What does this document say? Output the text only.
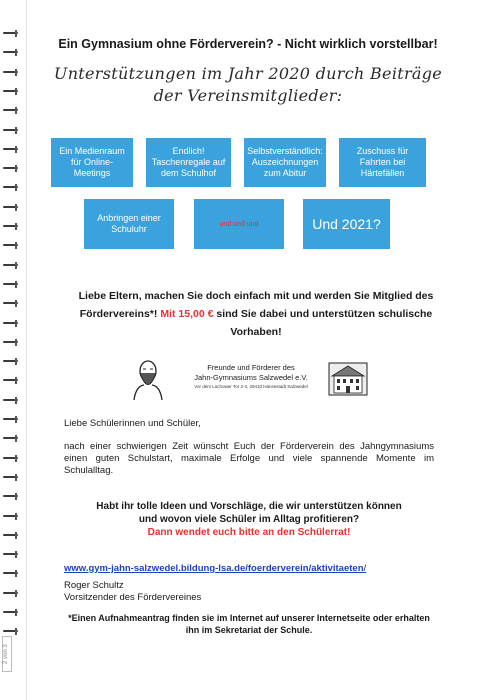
2 von 3
Ein Gymnasium ohne Förderverein? - Nicht wirklich vorstellbar!
Unterstützungen im Jahr 2020 durch Beiträge
der Vereinsmitglieder:
Ein Medienraum für Online-Meetings
Endlich! Taschenregale auf dem Schulhof
Selbstverständlich: Auszeichnungen zum Abitur
Zuschuss für Fahrten bei Härtefällen
Anbringen einer Schuluhr	und und und	Und 2021?
Liebe Eltern, machen Sie doch einfach mit und werden Sie Mitglied des Fördervereins*! Mit 15,00 € sind Sie dabei und unterstützen schulische Vorhaben!
Freunde und Förderer des
Jahn-Gymnasiums Salzwedel e.V.
Vor dem Lüchower Tor 2-4, 29410 Hansestadt Salzwedel
Liebe Schülerinnen und Schüler,
nach einer schwierigen Zeit wünscht Euch der Förderverein des Jahngymnasiums einen guten Schulstart, maximale Erfolge und viele spannende Momente im Schulalltag.
Habt ihr tolle Ideen und Vorschläge, die wir unterstützen können
und wovon viele Schüler im Alltag profitieren?
Dann wendet euch bitte an den Schülerrat!
www.gym-jahn-salzwedel.bildung-lsa.de/foerderverein/aktivitaeten/
Roger Schultz
Vorsitzender des Fördervereines
*Einen Aufnahmeantrag finden sie im Internet auf unserer Internetseite oder erhalten ihn im Sekretariat der Schule.
